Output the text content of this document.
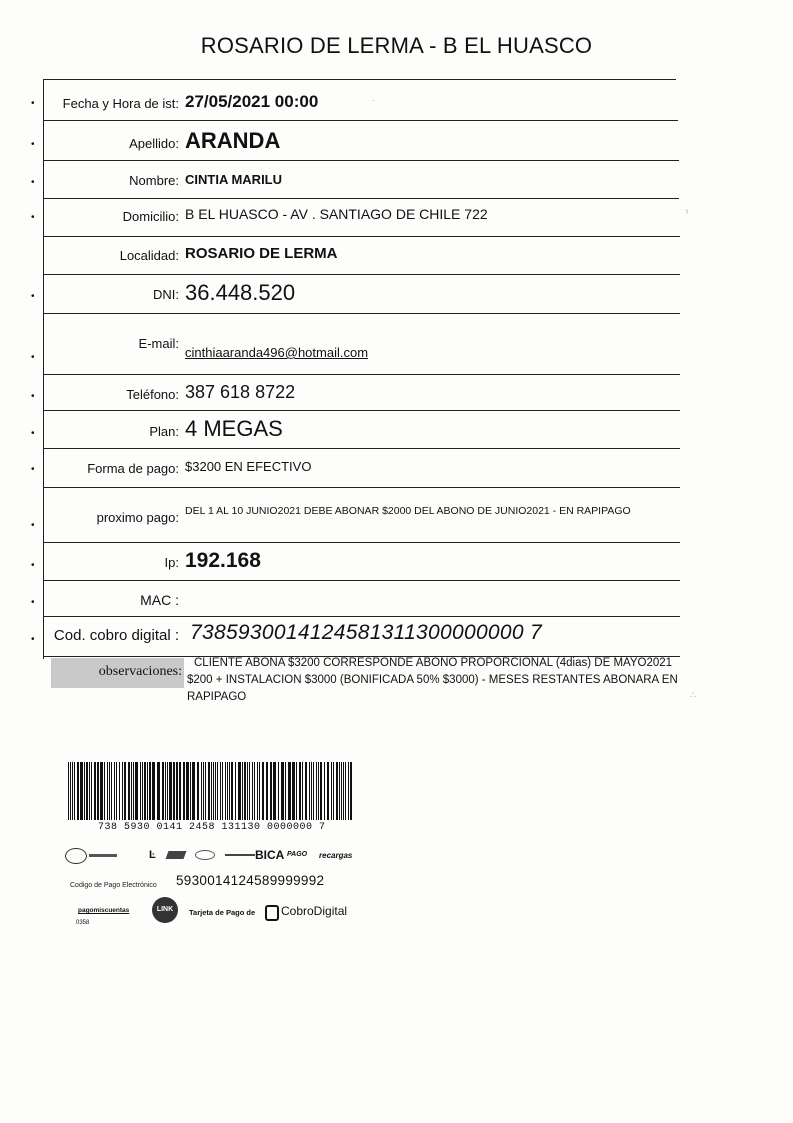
ROSARIO DE LERMA - B EL HUASCO
•
•
•
•
•
•
•
•
•
•
•
•
•
Fecha y Hora de ist: 27/05/2021 00:00
Apellido: ARANDA
Nombre: CINTIA MARILU
Domicilio: B EL HUASCO - AV . SANTIAGO DE CHILE 722
Localidad: ROSARIO DE LERMA
DNI: 36.448.520
E-mail:
cinthiaaranda496@hotmail.com
Teléfono: 387 618 8722
Plan: 4 MEGAS
Forma de pago: $3200 EN EFECTIVO
proximo pago: DEL 1 AL 10 JUNIO2021 DEBE ABONAR $2000 DEL ABONO DE JUNIO2021 - EN RAPIPAGO
Ip: 192.168
MAC :
Cod. cobro digital : 7385930014124581311300000000 7
observaciones:
CLIENTE ABONA $3200 CORRESPONDE ABONO PROPORCIONAL (4dias) DE MAYO2021
$200 + INSTALACION $3000 (BONIFICADA 50% $3000) - MESES RESTANTES ABONARA EN
RAPIPAGO
738 5930 0141 2458 131130 0000000 7
Ŀ	BICA PAGO recargas
Codigo de Pago Electrónico 5930014124589999992
pagomiscuentas
0358
LINK	Tarjeta de Pago de CobroDigital
·
ˀ
∴
